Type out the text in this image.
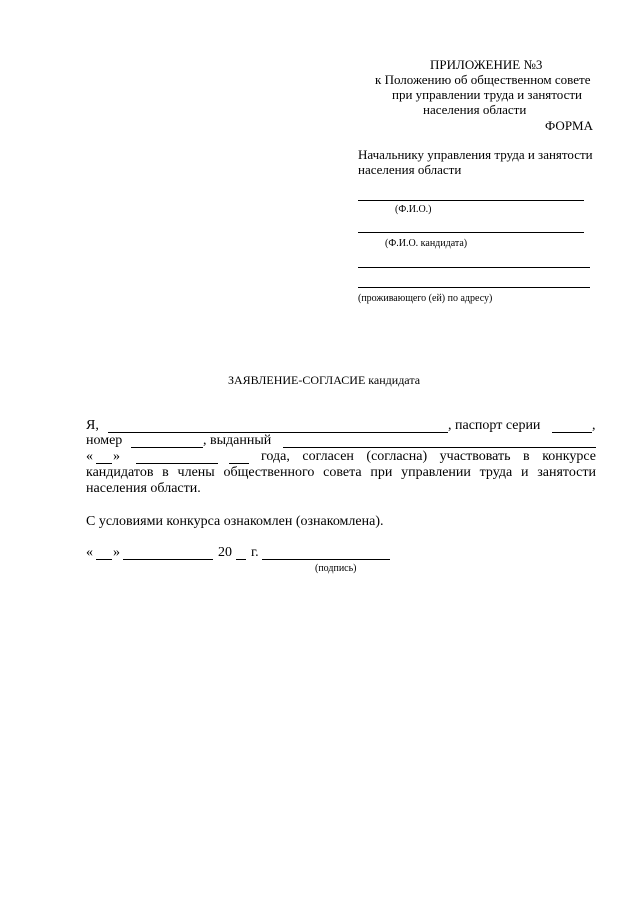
ПРИЛОЖЕНИЕ №3
к Положению об общественном совете
при управлении труда и занятости
населения области
ФОРМА
Начальнику управления труда и занятости
населения области
(Ф.И.О.)
(Ф.И.О. кандидата)
(проживающего (ей) по адресу)
ЗАЯВЛЕНИЕ-СОГЛАСИЕ кандидата
Я,	, паспорт серии	,
номер	, выданный
« »	года, согласен (согласна) участвовать в конкурсе
кандидатов в члены общественного совета при управлении труда и занятости
населения области.
С условиями конкурса ознакомлен (ознакомлена).
« »	20 г.
(подпись)
